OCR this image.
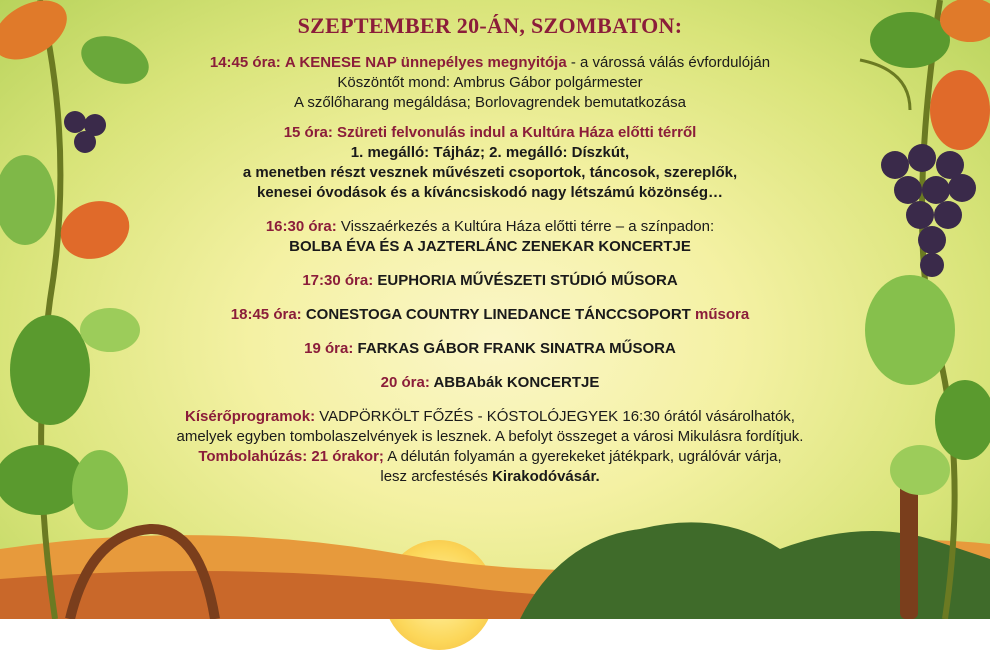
SZEPTEMBER 20-ÁN, SZOMBATON:
14:45 óra: A KENESE NAP ünnepélyes megnyitója - a várossá válás évfordulóján
Köszöntőt mond: Ambrus Gábor polgármester
A szőlőharang megáldása; Borlovagrendek bemutatkozása
15 óra: Szüreti felvonulás indul a Kultúra Háza előtti térről
1. megálló: Tájház; 2. megálló: Díszkút,
a menetben részt vesznek művészeti csoportok, táncosok, szereplők,
kenesei óvodások és a kíváncsiskodó nagy létszámú közönség…
16:30 óra: Visszaérkezés a Kultúra Háza előtti térre – a színpadon:
BOLBA ÉVA ÉS A JAZTERLÁNC ZENEKAR KONCERTJE
17:30 óra: EUPHORIA MŰVÉSZETI STÚDIÓ MŰSORA
18:45 óra: CONESTOGA COUNTRY LINEDANCE TÁNCCSOPORT műsora
19 óra: FARKAS GÁBOR FRANK SINATRA MŰSORA
20 óra: ABBAbák KONCERTJE
Kísérőprogramok: VADPÖRKÖLT FŐZÉS - KÓSTOLÓJEGYEK 16:30 órától vásárolhatók,
amelyek egyben tombolaszelvények is lesznek. A befolyt összeget a városi Mikulásra fordítjuk.
Tombolahúzás: 21 órakor; A délután folyamán a gyerekeket játékpark, ugrálóvár várja,
lesz arcfestésés Kirakodóvásár.
